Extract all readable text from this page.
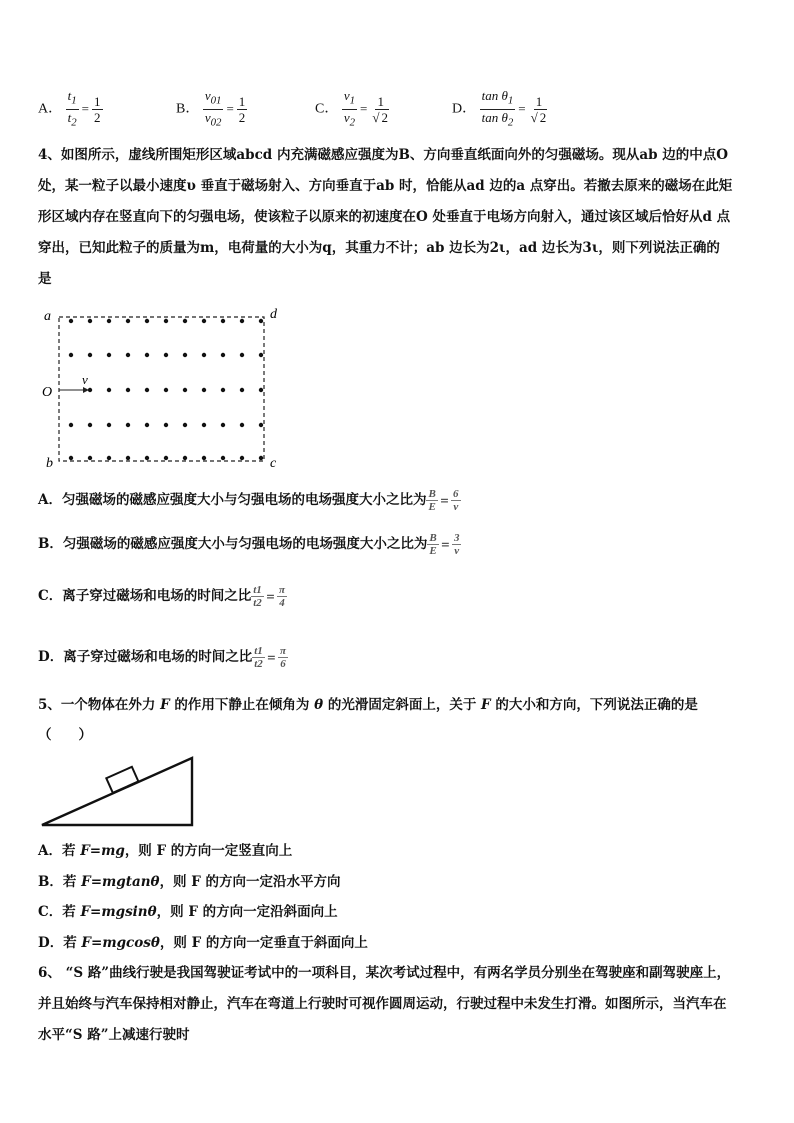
A． $\frac{t_1}{t_2} = \frac{1}{2}$	B． $\frac{v_{01}}{v_{02}} = \frac{1}{2}$	C． $\frac{v_1}{v_2} = \frac{1}{√ 2}$	D． $\frac{\tan \theta_1}{\tan \theta_2} = \frac{1}{√ 2}$
4、如图所示，虚线所围矩形区域abcd 内充满磁感应强度为B、方向垂直纸面向外的匀强磁场。现从ab 边的中点O
处，某一粒子以最小速度υ 垂直于磁场射入、方向垂直于ab 时，恰能从ad 边的a 点穿出。若撤去原来的磁场在此矩
形区域内存在竖直向下的匀强电场，使该粒子以原来的初速度在O 处垂直于电场方向射入，通过该区域后恰好从d 点
穿出，已知此粒子的质量为m，电荷量的大小为q，其重力不计；ab 边长为2ι，ad 边长为3ι，则下列说法正确的
是
v
a	d
O
b	c
A．匀强磁场的磁感应强度大小与匀强电场的电场强度大小之比为 $\frac{B}{E} = \frac{6}{v}$
B．匀强磁场的磁感应强度大小与匀强电场的电场强度大小之比为 $\frac{B}{E} = \frac{3}{v}$
C．离子穿过磁场和电场的时间之比 $\frac{t1}{t2} = \frac{\pi}{4}$
D．离子穿过磁场和电场的时间之比 $\frac{t1}{t2} = \frac{\pi}{6}$
5、一个物体在外力 F 的作用下静止在倾角为 θ 的光滑固定斜面上，关于 F 的大小和方向，下列说法正确的是
（　　）
A．若 F=mg，则 F 的方向一定竖直向上
B．若 F=mgtanθ，则 F 的方向一定沿水平方向
C．若 F=mgsinθ，则 F 的方向一定沿斜面向上
D．若 F=mgcosθ，则 F 的方向一定垂直于斜面向上
6、 “S 路”曲线行驶是我国驾驶证考试中的一项科目，某次考试过程中，有两名学员分别坐在驾驶座和副驾驶座上，
并且始终与汽车保持相对静止，汽车在弯道上行驶时可视作圆周运动，行驶过程中未发生打滑。如图所示，当汽车在
水平“S 路”上减速行驶时
